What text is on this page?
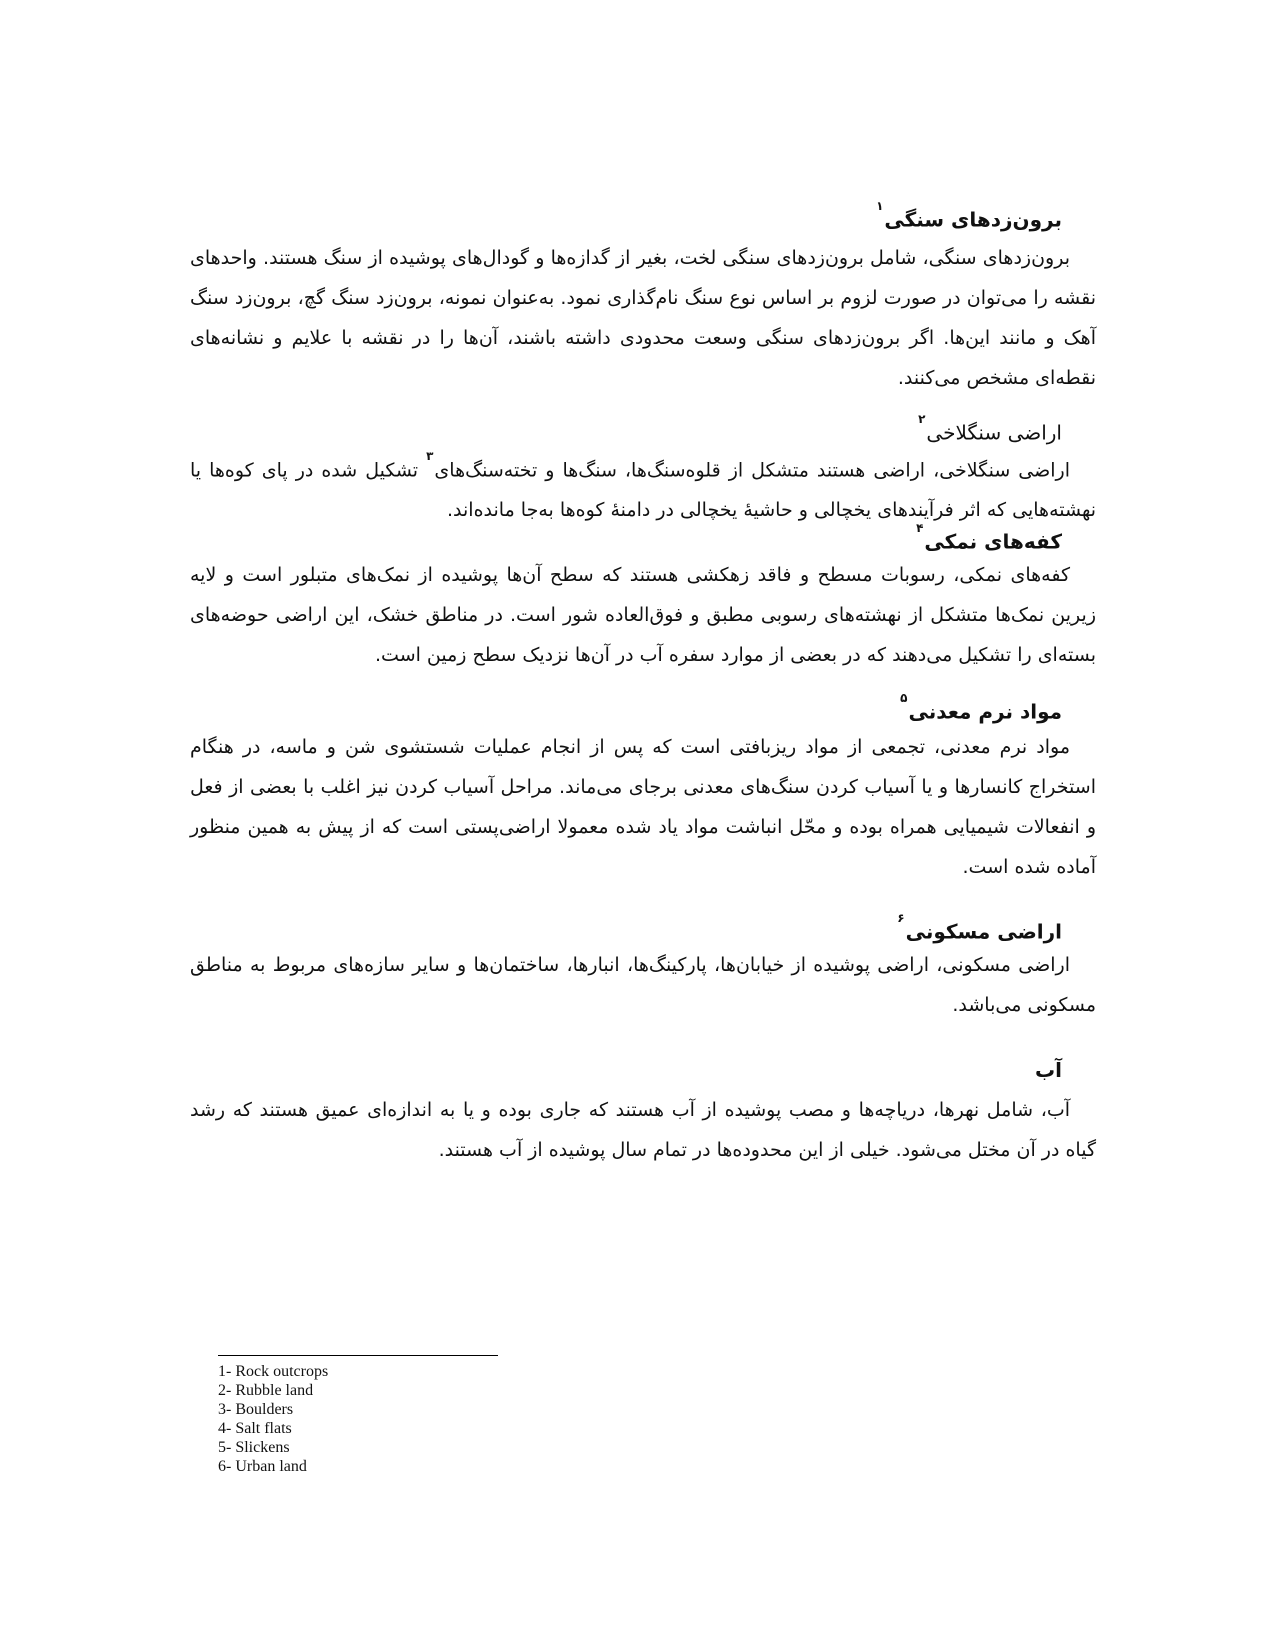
برون‌زدهای سنگی$^۱$

برون‌زدهای سنگی، شامل برون‌زدهای سنگی لخت، بغیر از گدازه‌ها و گودال‌های پوشیده از سنگ هستند. واحدهای نقشه را می‌توان در صورت لزوم بر اساس نوع سنگ نام‌گذاری نمود. به‌عنوان نمونه، برون‌زد سنگ گچ، برون‌زد سنگ آهک و مانند این‌ها. اگر برون‌زدهای سنگی وسعت محدودی داشته باشند، آن‌ها را در نقشه با علایم و نشانه‌های نقطه‌ای مشخص می‌کنند.

اراضی سنگلاخی$^۲$

اراضی سنگلاخی، اراضی هستند متشکل از قلوه‌سنگ‌ها، سنگ‌ها و تخته‌سنگ‌های$^۳$ تشکیل شده در پای کوه‌ها یا نهشته‌هایی که اثر فرآیندهای یخچالی و حاشیهٔ یخچالی در دامنهٔ کوه‌ها به‌جا مانده‌اند.

کفه‌های نمکی$^۴$

کفه‌های نمکی، رسوبات مسطح و فاقد زهکشی هستند که سطح آن‌ها پوشیده از نمک‌های متبلور است و لایه زیرین نمک‌ها متشکل از نهشته‌های رسوبی مطبق و فوق‌العاده شور است. در مناطق خشک، این اراضی حوضه‌های بسته‌ای را تشکیل می‌دهند که در بعضی از موارد سفره آب در آن‌ها نزدیک سطح زمین است.

مواد نرم معدنی$^۵$

مواد نرم معدنی، تجمعی از مواد ریزبافتی است که پس از انجام عملیات شستشوی شن و ماسه، در هنگام استخراج کانسارها و یا آسیاب کردن سنگ‌های معدنی برجای می‌ماند. مراحل آسیاب کردن نیز اغلب با بعضی از فعل و انفعالات شیمیایی همراه بوده و محّل انباشت مواد یاد شده معمولا اراضی‌پستی است که از پیش به همین منظور آماده شده است.

اراضی مسکونی$^۶$

اراضی مسکونی، اراضی پوشیده از خیابان‌ها، پارکینگ‌ها، انبارها، ساختمان‌ها و سایر سازه‌های مربوط به مناطق مسکونی می‌باشد.

آب

آب، شامل نهرها، دریاچه‌ها و مصب پوشیده از آب هستند که جاری بوده و یا به اندازه‌ای عمیق هستند که رشد گیاه در آن مختل می‌شود. خیلی از این محدوده‌ها در تمام سال پوشیده از آب هستند.

1- Rock outcrops
2- Rubble land
3- Boulders
4- Salt flats
5- Slickens
6- Urban land
